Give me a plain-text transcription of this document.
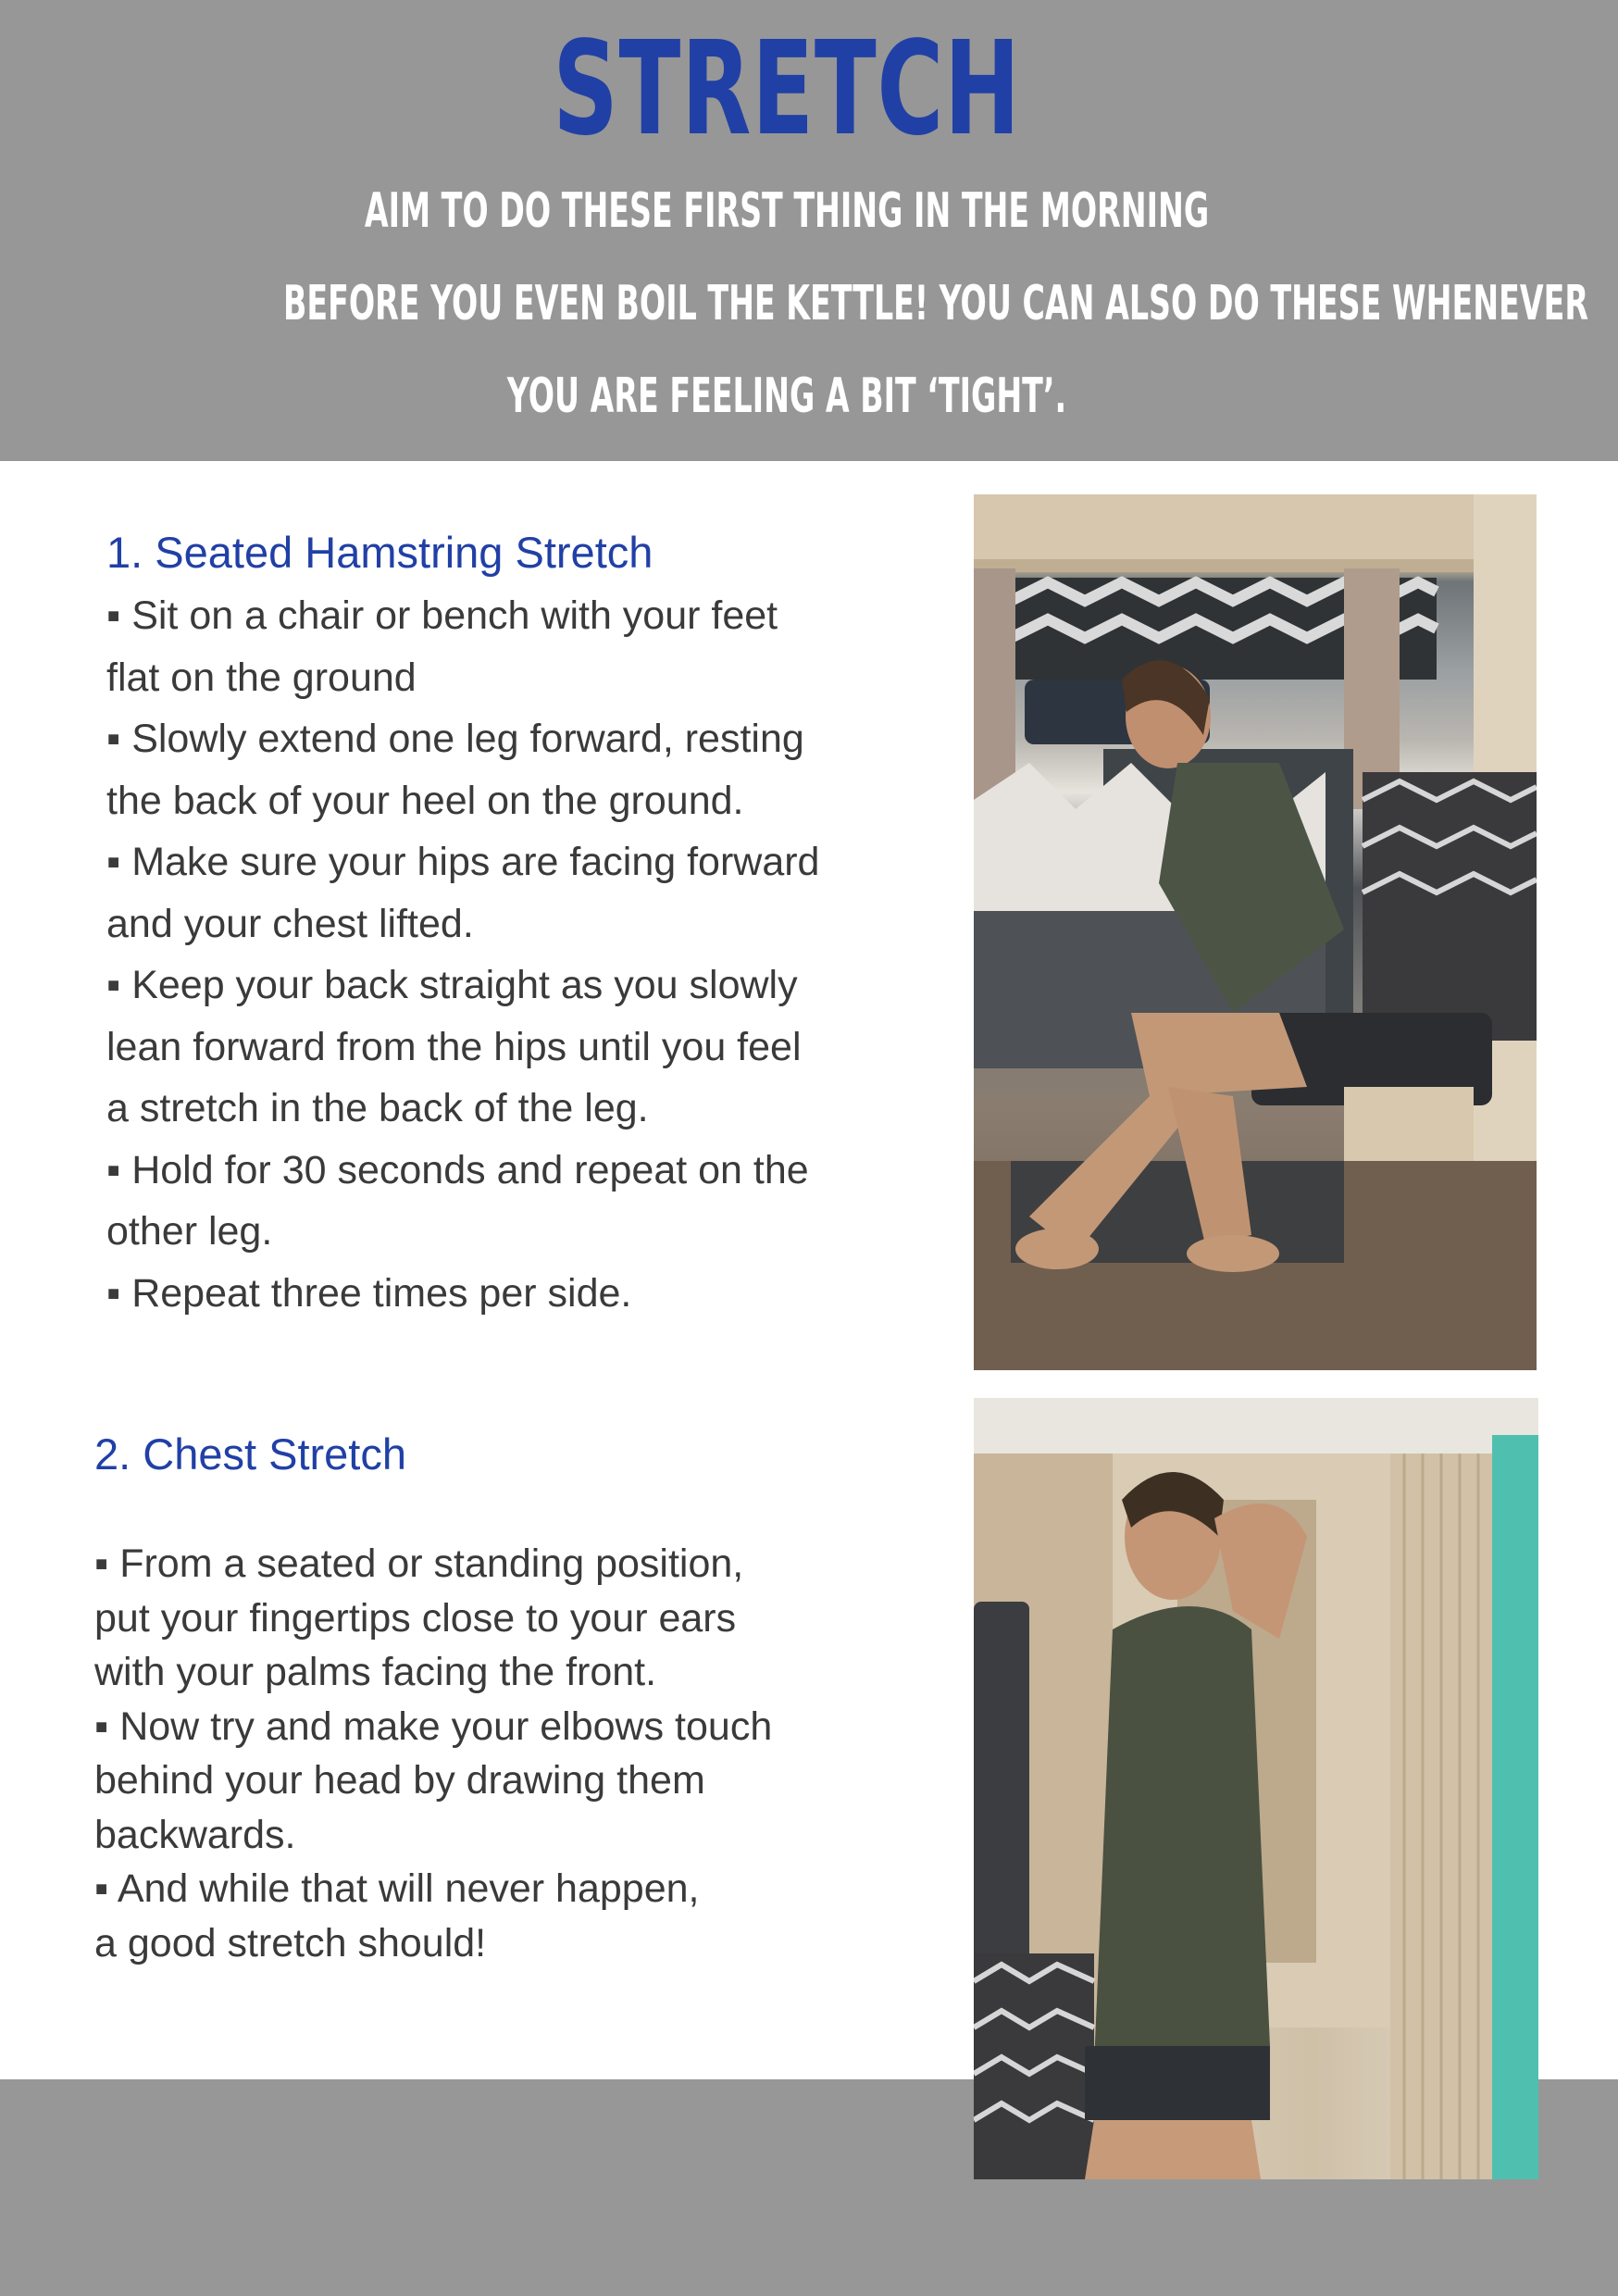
STRETCH
AIM TO DO THESE FIRST THING IN THE MORNING
BEFORE YOU EVEN BOIL THE KETTLE! YOU CAN ALSO DO THESE WHENEVER
YOU ARE FEELING A BIT ‘TIGHT’.
1. Seated Hamstring Stretch
▪ Sit on a chair or bench with your feet
flat on the ground
▪ Slowly extend one leg forward, resting
the back of your heel on the ground.
▪ Make sure your hips are facing forward
and your chest lifted.
▪ Keep your back straight as you slowly
lean forward from the hips until you feel
a stretch in the back of the leg.
▪ Hold for 30 seconds and repeat on the
other leg.
▪ Repeat three times per side.
2. Chest Stretch
▪ From a seated or standing position,
put your fingertips close to your ears
with your palms facing the front.
▪ Now try and make your elbows touch
behind your head by drawing them
backwards.
▪ And while that will never happen,
a good stretch should!
